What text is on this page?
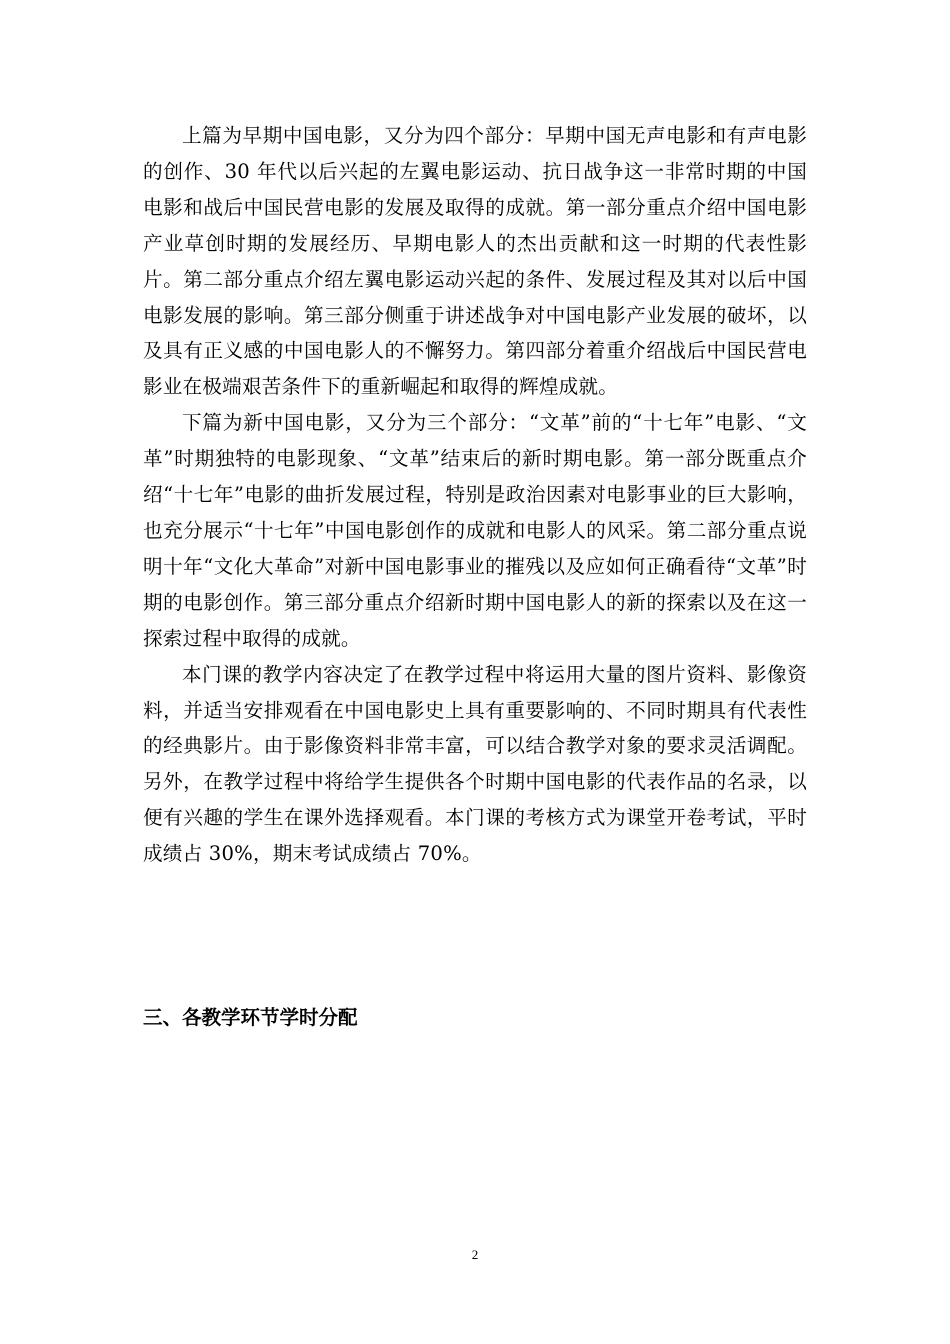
上篇为早期中国电影，又分为四个部分：早期中国无声电影和有声电影的创作、30 年代以后兴起的左翼电影运动、抗日战争这一非常时期的中国电影和战后中国民营电影的发展及取得的成就。第一部分重点介绍中国电影产业草创时期的发展经历、早期电影人的杰出贡献和这一时期的代表性影片。第二部分重点介绍左翼电影运动兴起的条件、发展过程及其对以后中国电影发展的影响。第三部分侧重于讲述战争对中国电影产业发展的破坏，以及具有正义感的中国电影人的不懈努力。第四部分着重介绍战后中国民营电影业在极端艰苦条件下的重新崛起和取得的辉煌成就。

下篇为新中国电影，又分为三个部分：“文革”前的“十七年”电影、“文革”时期独特的电影现象、“文革”结束后的新时期电影。第一部分既重点介绍“十七年”电影的曲折发展过程，特别是政治因素对电影事业的巨大影响，也充分展示“十七年”中国电影创作的成就和电影人的风采。第二部分重点说明十年“文化大革命”对新中国电影事业的摧残以及应如何正确看待“文革”时期的电影创作。第三部分重点介绍新时期中国电影人的新的探索以及在这一探索过程中取得的成就。

本门课的教学内容决定了在教学过程中将运用大量的图片资料、影像资料，并适当安排观看在中国电影史上具有重要影响的、不同时期具有代表性的经典影片。由于影像资料非常丰富，可以结合教学对象的要求灵活调配。另外，在教学过程中将给学生提供各个时期中国电影的代表作品的名录，以便有兴趣的学生在课外选择观看。本门课的考核方式为课堂开卷考试，平时成绩占 30%，期末考试成绩占 70%。

三、各教学环节学时分配
2
